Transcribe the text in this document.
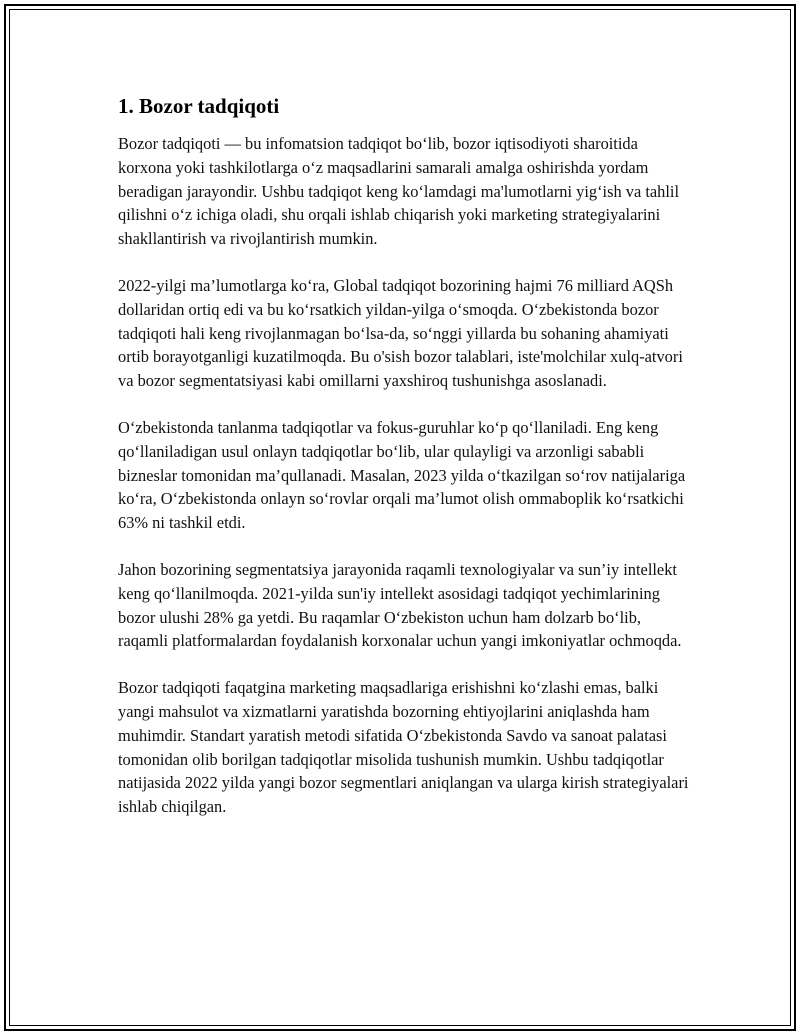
1. Bozor tadqiqoti

Bozor tadqiqoti — bu infomatsion tadqiqot bo‘lib, bozor iqtisodiyoti sharoitida korxona yoki tashkilotlarga o‘z maqsadlarini samarali amalga oshirishda yordam beradigan jarayondir. Ushbu tadqiqot keng ko‘lamdagi ma'lumotlarni yig‘ish va tahlil qilishni o‘z ichiga oladi, shu orqali ishlab chiqarish yoki marketing strategiyalarini shakllantirish va rivojlantirish mumkin.

2022-yilgi ma’lumotlarga ko‘ra, Global tadqiqot bozorining hajmi 76 milliard AQSh dollaridan ortiq edi va bu ko‘rsatkich yildan-yilga o‘smoqda. O‘zbekistonda bozor tadqiqoti hali keng rivojlanmagan bo‘lsa-da, so‘nggi yillarda bu sohaning ahamiyati ortib borayotganligi kuzatilmoqda. Bu o'sish bozor talablari, iste'molchilar xulq-atvori va bozor segmentatsiyasi kabi omillarni yaxshiroq tushunishga asoslanadi.

O‘zbekistonda tanlanma tadqiqotlar va fokus-guruhlar ko‘p qo‘llaniladi. Eng keng qo‘llaniladigan usul onlayn tadqiqotlar bo‘lib, ular qulayligi va arzonligi sababli bizneslar tomonidan ma’qullanadi. Masalan, 2023 yilda o‘tkazilgan so‘rov natijalariga ko‘ra, O‘zbekistonda onlayn so‘rovlar orqali ma’lumot olish ommaboplik ko‘rsatkichi 63% ni tashkil etdi.

Jahon bozorining segmentatsiya jarayonida raqamli texnologiyalar va sun’iy intellekt keng qo‘llanilmoqda. 2021-yilda sun'iy intellekt asosidagi tadqiqot yechimlarining bozor ulushi 28% ga yetdi. Bu raqamlar O‘zbekiston uchun ham dolzarb bo‘lib, raqamli platformalardan foydalanish korxonalar uchun yangi imkoniyatlar ochmoqda.

Bozor tadqiqoti faqatgina marketing maqsadlariga erishishni ko‘zlashi emas, balki yangi mahsulot va xizmatlarni yaratishda bozorning ehtiyojlarini aniqlashda ham muhimdir. Standart yaratish metodi sifatida O‘zbekistonda Savdo va sanoat palatasi tomonidan olib borilgan tadqiqotlar misolida tushunish mumkin. Ushbu tadqiqotlar natijasida 2022 yilda yangi bozor segmentlari aniqlangan va ularga kirish strategiyalari ishlab chiqilgan.
